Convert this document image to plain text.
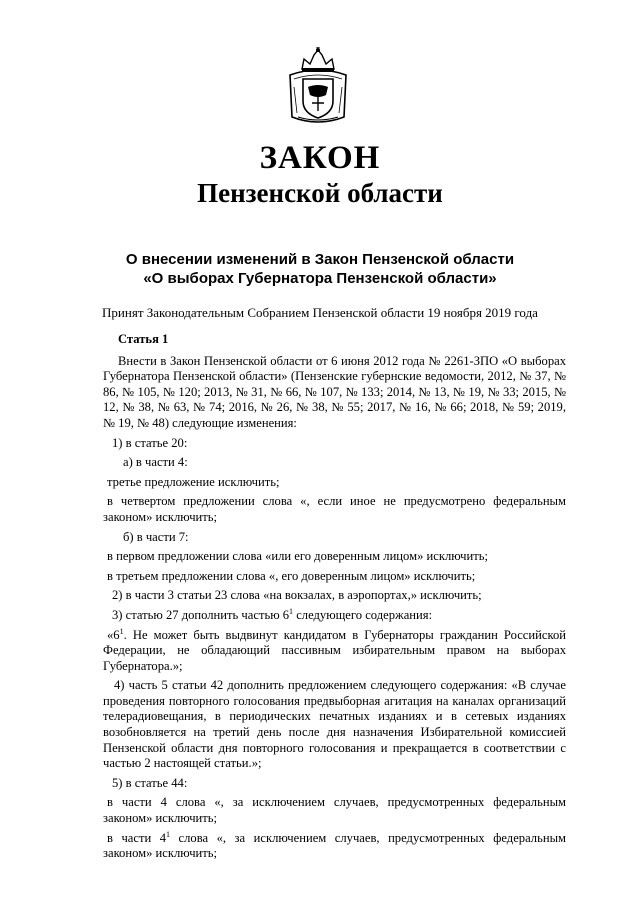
ЗАКОН
Пензенской области
О внесении изменений в Закон Пензенской области
«О выборах Губернатора Пензенской области»
Принят Законодательным Собранием Пензенской области 19 ноября 2019 года
Статья 1

Внести в Закон Пензенской области от 6 июня 2012 года № 2261-ЗПО «О выборах Губернатора Пензенской области» (Пензенские губернские ведомости, 2012, № 37, № 86, № 105, № 120; 2013, № 31, № 66, № 107, № 133; 2014, № 13, № 19, № 33; 2015, № 12, № 38, № 63, № 74; 2016, № 26, № 38, № 55; 2017, № 16, № 66; 2018, № 59; 2019, № 19, № 48) следующие изменения:

1) в статье 20:

а) в части 4:

третье предложение исключить;

в четвертом предложении слова «, если иное не предусмотрено федеральным законом» исключить;

б) в части 7:

в первом предложении слова «или его доверенным лицом» исключить;

в третьем предложении слова «, его доверенным лицом» исключить;

2) в части 3 статьи 23 слова «на вокзалах, в аэропортах,» исключить;

3) статью 27 дополнить частью $6^1$ следующего содержания:

«$6^1$. Не может быть выдвинут кандидатом в Губернаторы гражданин Российской Федерации, не обладающий пассивным избирательным правом на выборах Губернатора.»;

4) часть 5 статьи 42 дополнить предложением следующего содержания: «В случае проведения повторного голосования предвыборная агитация на каналах организаций телерадиовещания, в периодических печатных изданиях и в сетевых изданиях возобновляется на третий день после дня назначения Избирательной комиссией Пензенской области дня повторного голосования и прекращается в соответствии с частью 2 настоящей статьи.»;

5) в статье 44:

в части 4 слова «, за исключением случаев, предусмотренных федеральным законом» исключить;

в части $4^1$ слова «, за исключением случаев, предусмотренных федеральным законом» исключить;
